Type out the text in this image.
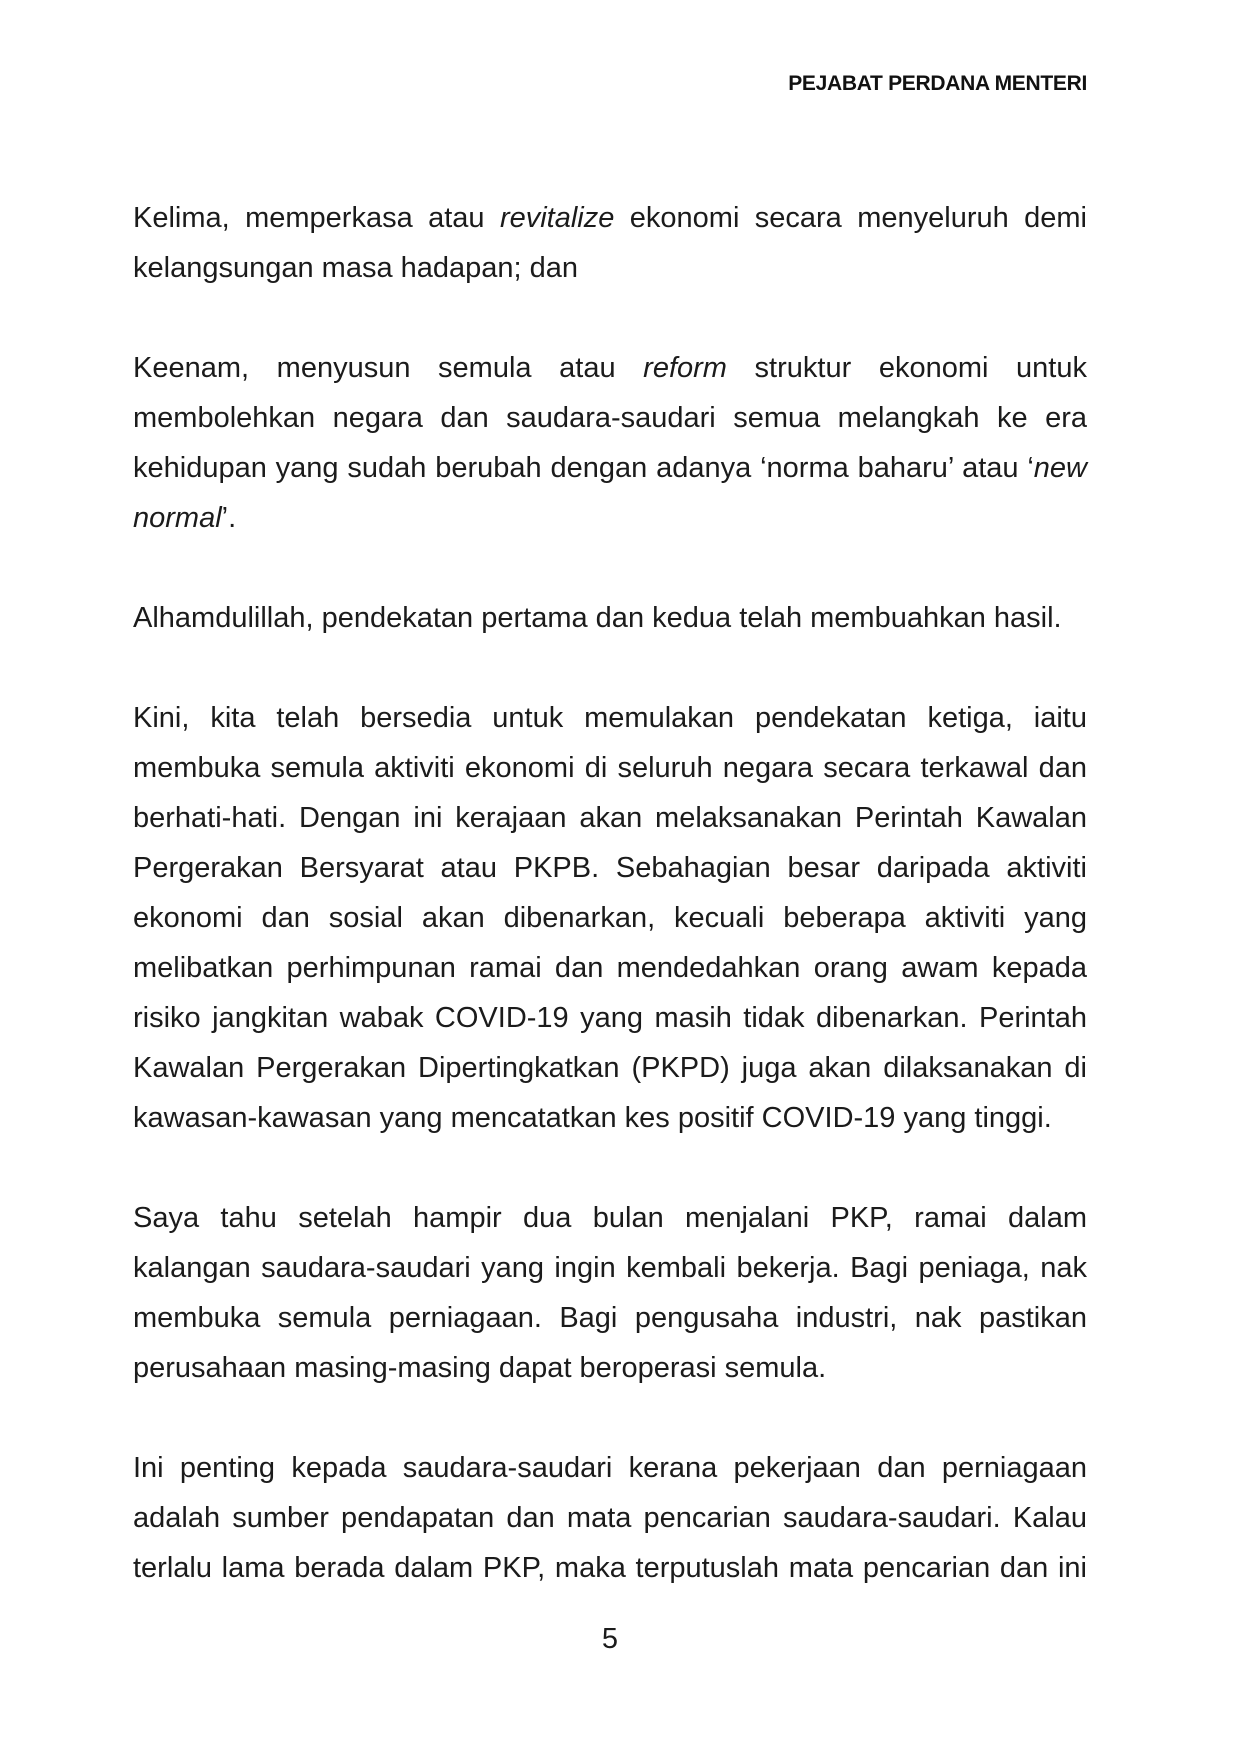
PEJABAT PERDANA MENTERI

Kelima, memperkasa atau revitalize ekonomi secara menyeluruh demi kelangsungan masa hadapan; dan

Keenam, menyusun semula atau reform struktur ekonomi untuk membolehkan negara dan saudara-saudari semua melangkah ke era kehidupan yang sudah berubah dengan adanya ‘norma baharu’ atau ‘new normal’.

Alhamdulillah, pendekatan pertama dan kedua telah membuahkan hasil.

Kini, kita telah bersedia untuk memulakan pendekatan ketiga, iaitu membuka semula aktiviti ekonomi di seluruh negara secara terkawal dan berhati-hati. Dengan ini kerajaan akan melaksanakan Perintah Kawalan Pergerakan Bersyarat atau PKPB. Sebahagian besar daripada aktiviti ekonomi dan sosial akan dibenarkan, kecuali beberapa aktiviti yang melibatkan perhimpunan ramai dan mendedahkan orang awam kepada risiko jangkitan wabak COVID-19 yang masih tidak dibenarkan. Perintah Kawalan Pergerakan Dipertingkatkan (PKPD) juga akan dilaksanakan di kawasan-kawasan yang mencatatkan kes positif COVID-19 yang tinggi.

Saya tahu setelah hampir dua bulan menjalani PKP, ramai dalam kalangan saudara-saudari yang ingin kembali bekerja. Bagi peniaga, nak membuka semula perniagaan. Bagi pengusaha industri, nak pastikan perusahaan masing-masing dapat beroperasi semula.

Ini penting kepada saudara-saudari kerana pekerjaan dan perniagaan adalah sumber pendapatan dan mata pencarian saudara-saudari. Kalau terlalu lama berada dalam PKP, maka terputuslah mata pencarian dan ini

5
